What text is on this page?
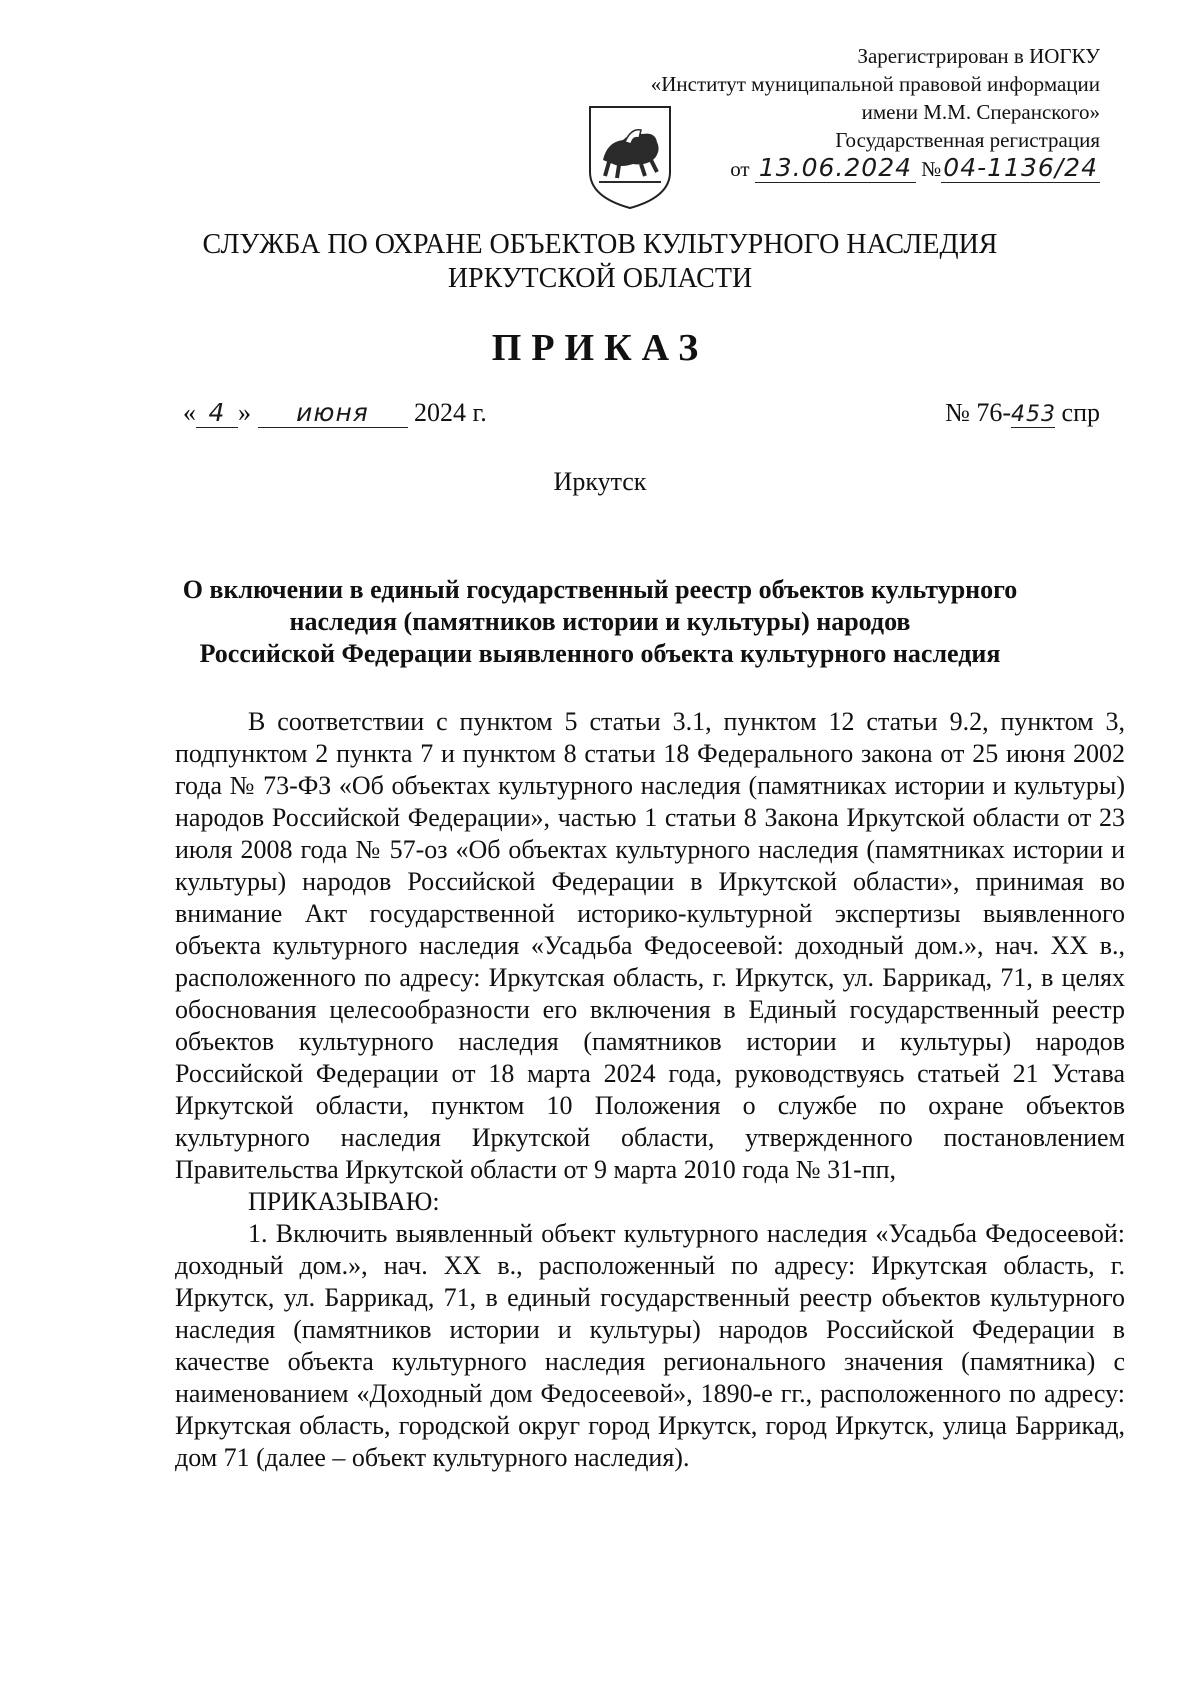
Зарегистрирован в ИОГКУ
«Институт муниципальной правовой информации
имени М.М. Сперанского»
Государственная регистрация
от 13.06.2024 №04-1136/24
СЛУЖБА ПО ОХРАНЕ ОБЪЕКТОВ КУЛЬТУРНОГО НАСЛЕДИЯ
ИРКУТСКОЙ ОБЛАСТИ
ПРИКАЗ
« 4 » июня 2024 г.	№ 76-453 спр
Иркутск
О включении в единый государственный реестр объектов культурного
наследия (памятников истории и культуры) народов
Российской Федерации выявленного объекта культурного наследия

В соответствии с пунктом 5 статьи 3.1, пунктом 12 статьи 9.2, пунктом 3, подпунктом 2 пункта 7 и пунктом 8 статьи 18 Федерального закона от 25 июня 2002 года № 73-ФЗ «Об объектах культурного наследия (памятниках истории и культуры) народов Российской Федерации», частью 1 статьи 8 Закона Иркутской области от 23 июля 2008 года № 57-оз «Об объектах культурного наследия (памятниках истории и культуры) народов Российской Федерации в Иркутской области», принимая во внимание Акт государственной историко-культурной экспертизы выявленного объекта культурного наследия «Усадьба Федосеевой: доходный дом.», нач. XX в., расположенного по адресу: Иркутская область, г. Иркутск, ул. Баррикад, 71, в целях обоснования целесообразности его включения в Единый государственный реестр объектов культурного наследия (памятников истории и культуры) народов Российской Федерации от 18 марта 2024 года, руководствуясь статьей 21 Устава Иркутской области, пунктом 10 Положения о службе по охране объектов культурного наследия Иркутской области, утвержденного постановлением Правительства Иркутской области от 9 марта 2010 года № 31-пп,

ПРИКАЗЫВАЮ:

1. Включить выявленный объект культурного наследия «Усадьба Федосеевой: доходный дом.», нач. XX в., расположенный по адресу: Иркутская область, г. Иркутск, ул. Баррикад, 71, в единый государственный реестр объектов культурного наследия (памятников истории и культуры) народов Российской Федерации в качестве объекта культурного наследия регионального значения (памятника) с наименованием «Доходный дом Федосеевой», 1890-е гг., расположенного по адресу: Иркутская область, городской округ город Иркутск, город Иркутск, улица Баррикад, дом 71 (далее – объект культурного наследия).
